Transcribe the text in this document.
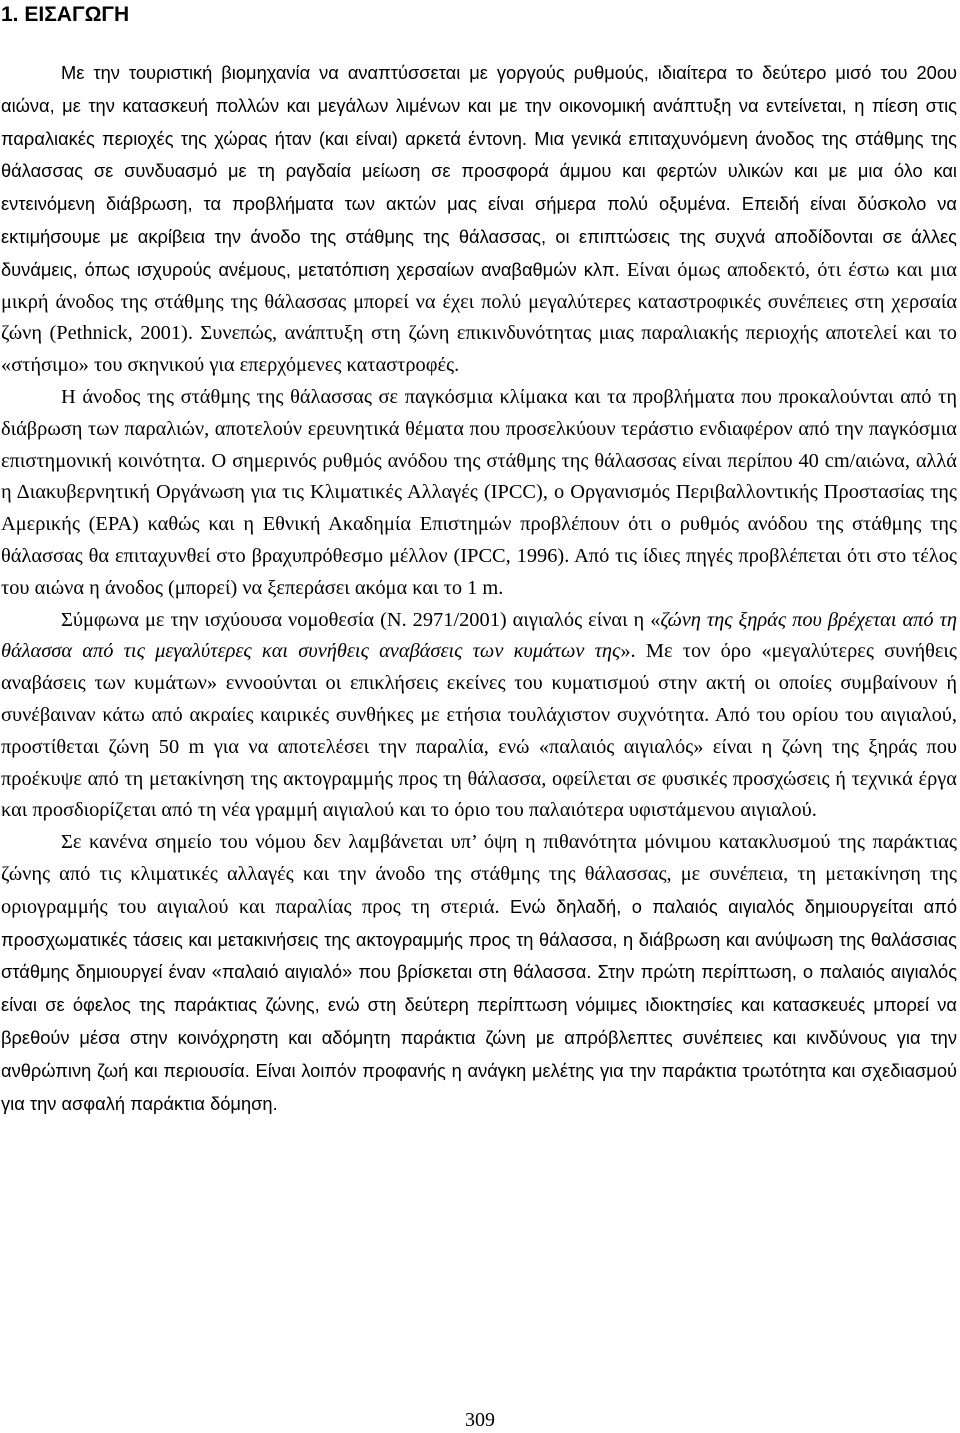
1. ΕΙΣΑΓΩΓΗ

Με την τουριστική βιομηχανία να αναπτύσσεται με γοργούς ρυθμούς, ιδιαίτερα το δεύτερο μισό του 20ου αιώνα, με την κατασκευή πολλών και μεγάλων λιμένων και με την οικονομική ανάπτυξη να εντείνεται, η πίεση στις παραλιακές περιοχές της χώρας ήταν (και είναι) αρκετά έντονη. Μια γενικά επιταχυνόμενη άνοδος της στάθμης της θάλασσας σε συνδυασμό με τη ραγδαία μείωση σε προσφορά άμμου και φερτών υλικών και με μια όλο και εντεινόμενη διάβρωση, τα προβλήματα των ακτών μας είναι σήμερα πολύ οξυμένα. Επειδή είναι δύσκολο να εκτιμήσουμε με ακρίβεια την άνοδο της στάθμης της θάλασσας, οι επιπτώσεις της συχνά αποδίδονται σε άλλες δυνάμεις, όπως ισχυρούς ανέμους, μετατόπιση χερσαίων αναβαθμών κλπ. Είναι όμως αποδεκτό, ότι έστω και μια μικρή άνοδος της στάθμης της θάλασσας μπορεί να έχει πολύ μεγαλύτερες καταστροφικές συνέπειες στη χερσαία ζώνη (Pethnick, 2001). Συνεπώς, ανάπτυξη στη ζώνη επικινδυνότητας μιας παραλιακής περιοχής αποτελεί και το «στήσιμο» του σκηνικού για επερχόμενες καταστροφές.

Η άνοδος της στάθμης της θάλασσας σε παγκόσμια κλίμακα και τα προβλήματα που προκαλούνται από τη διάβρωση των παραλιών, αποτελούν ερευνητικά θέματα που προσελκύουν τεράστιο ενδιαφέρον από την παγκόσμια επιστημονική κοινότητα. Ο σημερινός ρυθμός ανόδου της στάθμης της θάλασσας είναι περίπου 40 cm/αιώνα, αλλά η Διακυβερνητική Οργάνωση για τις Κλιματικές Αλλαγές (IPCC), ο Οργανισμός Περιβαλλοντικής Προστασίας της Αμερικής (EPA) καθώς και η Εθνική Ακαδημία Επιστημών προβλέπουν ότι ο ρυθμός ανόδου της στάθμης της θάλασσας θα επιταχυνθεί στο βραχυπρόθεσμο μέλλον (IPCC, 1996). Από τις ίδιες πηγές προβλέπεται ότι στο τέλος του αιώνα η άνοδος (μπορεί) να ξεπεράσει ακόμα και το 1 m.

Σύμφωνα με την ισχύουσα νομοθεσία (Ν. 2971/2001) αιγιαλός είναι η «ζώνη της ξηράς που βρέχεται από τη θάλασσα από τις μεγαλύτερες και συνήθεις αναβάσεις των κυμάτων της». Με τον όρο «μεγαλύτερες συνήθεις αναβάσεις των κυμάτων» εννοούνται οι επικλήσεις εκείνες του κυματισμού στην ακτή οι οποίες συμβαίνουν ή συνέβαιναν κάτω από ακραίες καιρικές συνθήκες με ετήσια τουλάχιστον συχνότητα. Από του ορίου του αιγιαλού, προστίθεται ζώνη 50 m για να αποτελέσει την παραλία, ενώ «παλαιός αιγιαλός» είναι η ζώνη της ξηράς που προέκυψε από τη μετακίνηση της ακτογραμμής προς τη θάλασσα, οφείλεται σε φυσικές προσχώσεις ή τεχνικά έργα και προσδιορίζεται από τη νέα γραμμή αιγιαλού και το όριο του παλαιότερα υφιστάμενου αιγιαλού.

Σε κανένα σημείο του νόμου δεν λαμβάνεται υπ’ όψη η πιθανότητα μόνιμου κατακλυσμού της παράκτιας ζώνης από τις κλιματικές αλλαγές και την άνοδο της στάθμης της θάλασσας, με συνέπεια, τη μετακίνηση της οριογραμμής του αιγιαλού και παραλίας προς τη στεριά. Ενώ δηλαδή, ο παλαιός αιγιαλός δημιουργείται από προσχωματικές τάσεις και μετακινήσεις της ακτογραμμής προς τη θάλασσα, η διάβρωση και ανύψωση της θαλάσσιας στάθμης δημιουργεί έναν «παλαιό αιγιαλό» που βρίσκεται στη θάλασσα. Στην πρώτη περίπτωση, ο παλαιός αιγιαλός είναι σε όφελος της παράκτιας ζώνης, ενώ στη δεύτερη περίπτωση νόμιμες ιδιοκτησίες και κατασκευές μπορεί να βρεθούν μέσα στην κοινόχρηστη και αδόμητη παράκτια ζώνη με απρόβλεπτες συνέπειες και κινδύνους για την ανθρώπινη ζωή και περιουσία. Είναι λοιπόν προφανής η ανάγκη μελέτης για την παράκτια τρωτότητα και σχεδιασμού για την ασφαλή παράκτια δόμηση.

309
